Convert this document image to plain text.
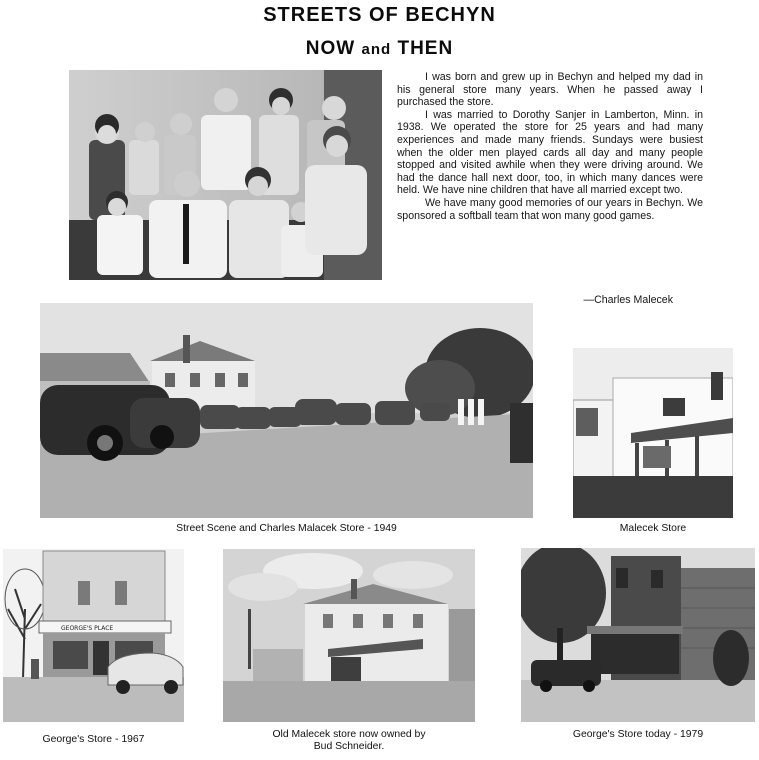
STREETS OF BECHYN
NOW and THEN

I was born and grew up in Bechyn and helped my dad in his general store many years. When he passed away I purchased the store.

I was married to Dorothy Sanjer in Lamberton, Minn. in 1938. We operated the store for 25 years and had many experiences and made many friends. Sundays were busiest when the older men played cards all day and many people stopped and visited awhile when they were driving around. We had the dance hall next door, too, in which many dances were held. We have nine children that have all married except two.

We have many good memories of our years in Bechyn. We sponsored a softball team that won many good games.

—Charles Malecek
Street Scene and Charles Malacek Store - 1949	Malecek Store
GEORGE'S PLACE
George's Store - 1967	Old Malecek store now owned by
Bud Schneider.
George's Store today - 1979
